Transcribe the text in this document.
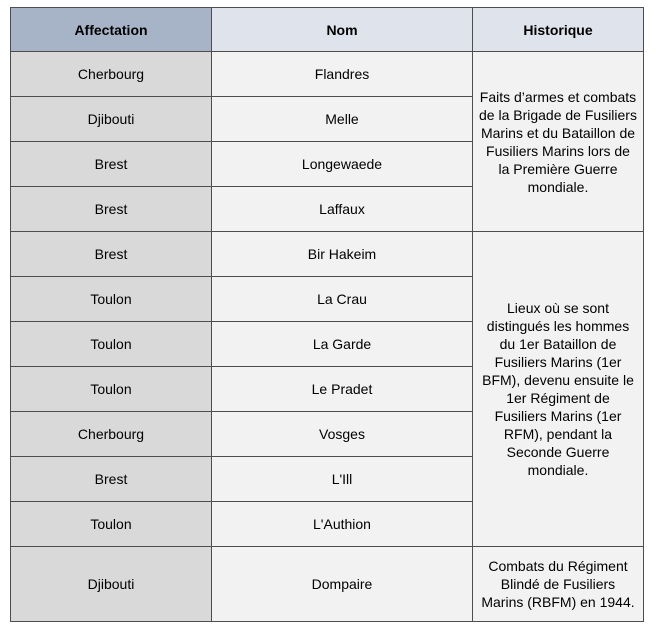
Affectation	Nom	Historique
Cherbourg	Flandres	Faits d’armes et combats de la Brigade de Fusiliers Marins et du Bataillon de Fusiliers Marins lors de la Première Guerre mondiale.
Djibouti	Melle	
Brest	Longewaede	
Brest	Laffaux	
Brest	Bir Hakeim	Lieux où se sont distingués les hommes du 1er Bataillon de Fusiliers Marins (1er BFM), devenu ensuite le 1er Régiment de Fusiliers Marins (1er RFM), pendant la Seconde Guerre mondiale.
Toulon	La Crau	
Toulon	La Garde	
Toulon	Le Pradet	
Cherbourg	Vosges	
Brest	L'Ill	
Toulon	L'Authion	
Djibouti	Dompaire	Combats du Régiment Blindé de Fusiliers Marins (RBFM) en 1944.
